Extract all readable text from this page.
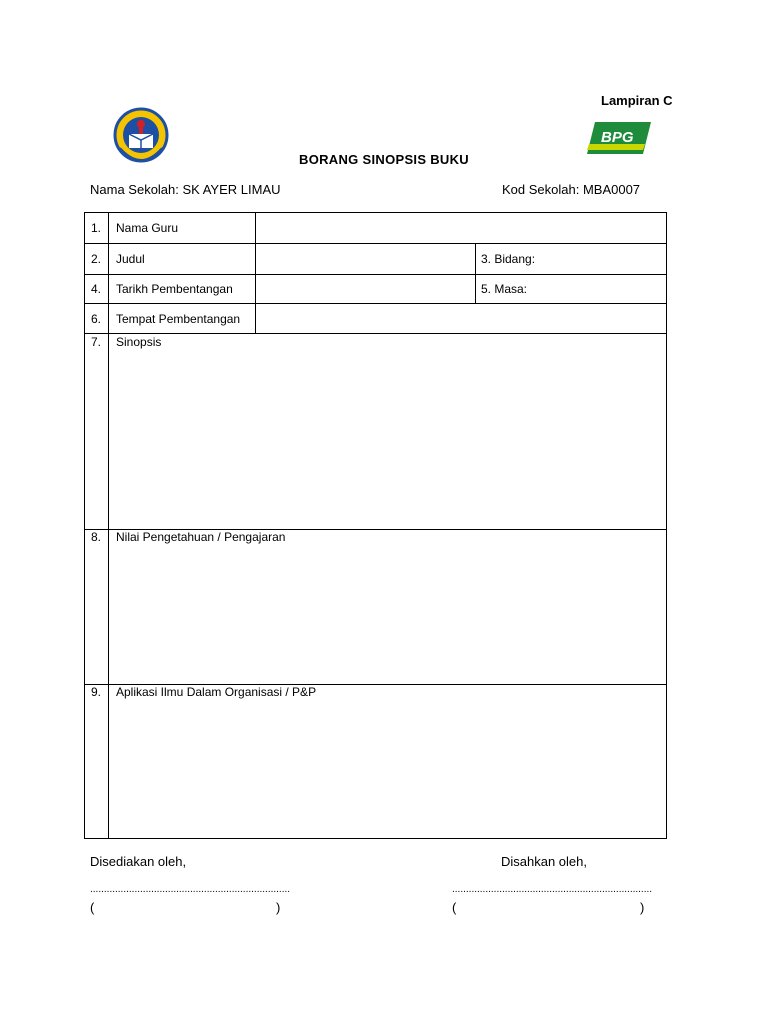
Lampiran C
BPG
BORANG SINOPSIS BUKU
Nama Sekolah: SK AYER LIMAU	Kod Sekolah: MBA0007
1. Nama Guru
2. Judul	3. Bidang:
4. Tarikh Pembentangan	5. Masa:
6. Tempat Pembentangan
7. Sinopsis
8. Nilai Pengetahuan / Pengajaran
9. Aplikasi Ilmu Dalam Organisasi / P&P
Disediakan oleh,	Disahkan oleh,
........................................................................	........................................................................
(	)	(	)
